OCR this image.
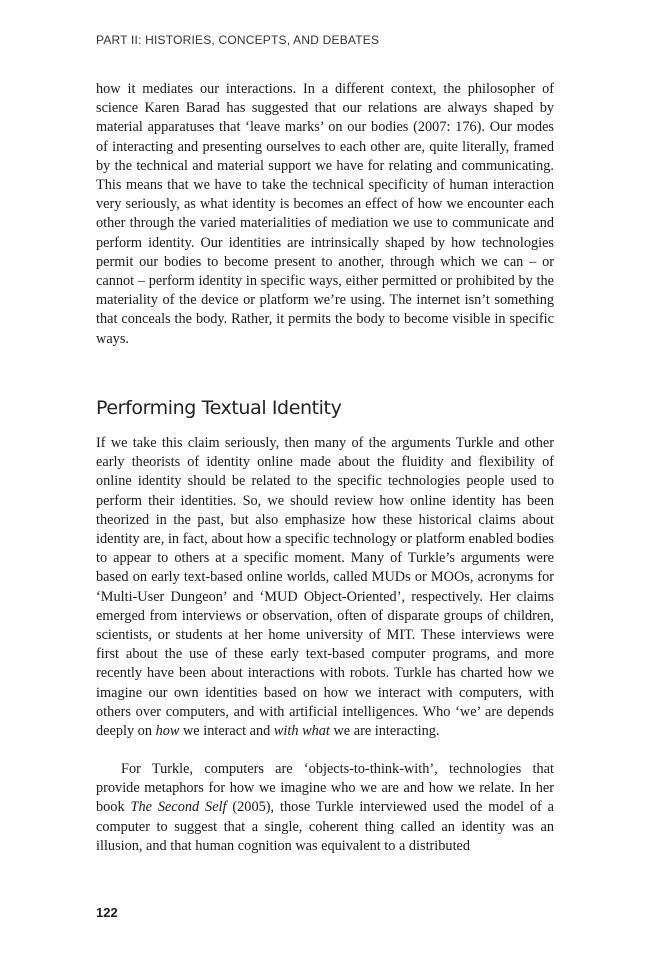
PART II: HISTORIES, CONCEPTS, AND DEBATES

how it mediates our interactions. In a different context, the philosopher of science Karen Barad has suggested that our relations are always shaped by material apparatuses that ‘leave marks’ on our bodies (2007: 176). Our modes of interacting and presenting ourselves to each other are, quite literally, framed by the technical and material support we have for relating and communicating. This means that we have to take the technical specificity of human interaction very seriously, as what identity is becomes an effect of how we encounter each other through the varied materialities of mediation we use to communicate and perform identity. Our identities are intrinsically shaped by how technologies permit our bodies to become present to another, through which we can – or cannot – perform identity in specific ways, either permitted or prohibited by the materiality of the device or platform we’re using. The internet isn’t something that conceals the body. Rather, it permits the body to become visible in specific ways.

Performing Textual Identity

If we take this claim seriously, then many of the arguments Turkle and other early theorists of identity online made about the fluidity and flexibility of online identity should be related to the specific technologies people used to perform their identities. So, we should review how online identity has been theorized in the past, but also emphasize how these historical claims about identity are, in fact, about how a specific technology or platform enabled bodies to appear to others at a specific moment. Many of Turkle’s arguments were based on early text-based online worlds, called MUDs or MOOs, acronyms for ‘Multi-User Dungeon’ and ‘MUD Object-Oriented’, respectively. Her claims emerged from interviews or observation, often of disparate groups of children, scientists, or students at her home university of MIT. These interviews were first about the use of these early text-based computer programs, and more recently have been about interactions with robots. Turkle has charted how we imagine our own identities based on how we interact with computers, with others over computers, and with artificial intelligences. Who ‘we’ are depends deeply on how we interact and with what we are interacting.

For Turkle, computers are ‘objects-to-think-with’, technologies that provide metaphors for how we imagine who we are and how we relate. In her book The Second Self (2005), those Turkle interviewed used the model of a computer to suggest that a single, coherent thing called an identity was an illusion, and that human cognition was equivalent to a distributed

122
